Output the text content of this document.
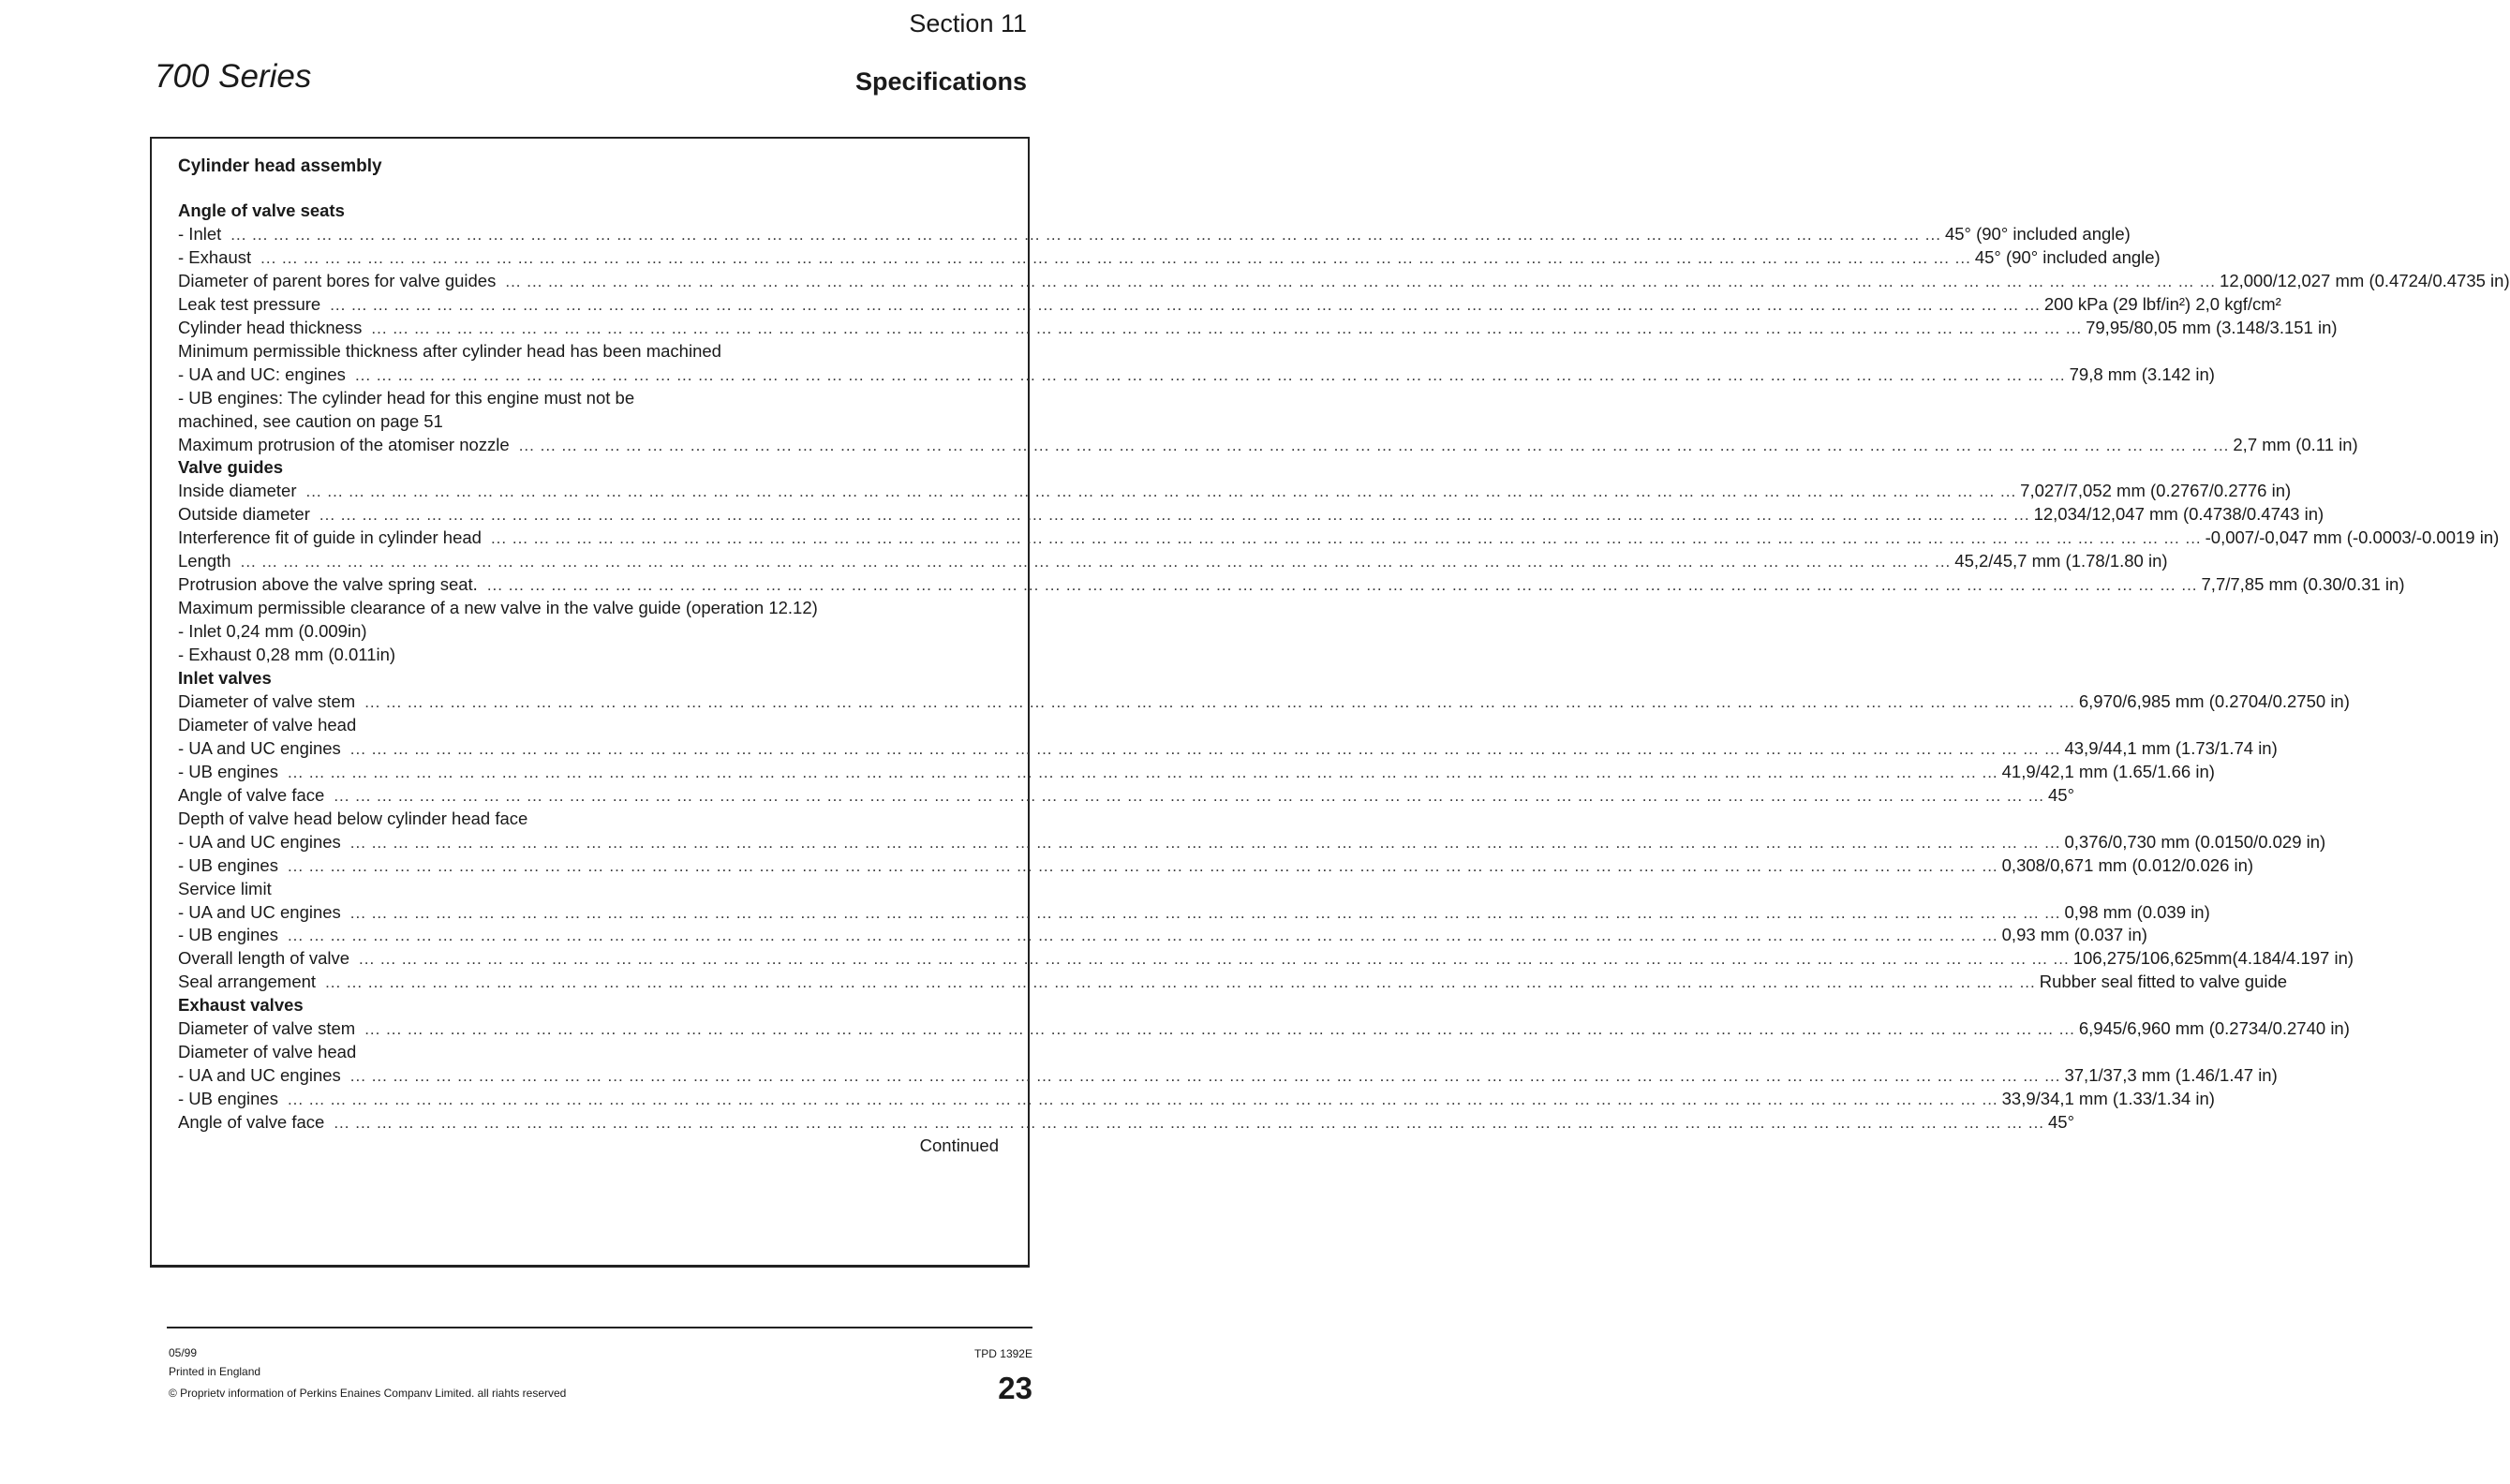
Section 11
700 Series	Specifications
Cylinder head assembly
Angle of valve seats
- Inlet ... ... ... ... ... ... ... ... ... ... ... ... ... ... ... ... ... ... ... ... ... ... ... ... ... ... ... ... ... ... ... ... ... ... ... ... ... ... ... ... ... ... ... ... ... ... ... ... ... ... ... ... ... ... ... ... ... ... ... ... ... ... ... ... ... ... ... ... ... ... ... ... ... ... ... ... ... ... ... ... 45° (90° included angle)
- Exhaust ... ... ... ... ... ... ... ... ... ... ... ... ... ... ... ... ... ... ... ... ... ... ... ... ... ... ... ... ... ... ... ... ... ... ... ... ... ... ... ... ... ... ... ... ... ... ... ... ... ... ... ... ... ... ... ... ... ... ... ... ... ... ... ... ... ... ... ... ... ... ... ... ... ... ... ... ... ... ... ... 45° (90° included angle)
Diameter of parent bores for valve guides ... ... ... ... ... ... ... ... ... ... ... ... ... ... ... ... ... ... ... ... ... ... ... ... ... ... ... ... ... ... ... ... ... ... ... ... ... ... ... ... ... ... ... ... ... ... ... ... ... ... ... ... ... ... ... ... ... ... ... ... ... ... ... ... ... ... ... ... ... ... ... ... ... ... ... ... ... ... ... ... 12,000/12,027 mm (0.4724/0.4735 in)
Leak test pressure ... ... ... ... ... ... ... ... ... ... ... ... ... ... ... ... ... ... ... ... ... ... ... ... ... ... ... ... ... ... ... ... ... ... ... ... ... ... ... ... ... ... ... ... ... ... ... ... ... ... ... ... ... ... ... ... ... ... ... ... ... ... ... ... ... ... ... ... ... ... ... ... ... ... ... ... ... ... ... ... 200 kPa (29 lbf/in²) 2,0 kgf/cm²
Cylinder head thickness ... ... ... ... ... ... ... ... ... ... ... ... ... ... ... ... ... ... ... ... ... ... ... ... ... ... ... ... ... ... ... ... ... ... ... ... ... ... ... ... ... ... ... ... ... ... ... ... ... ... ... ... ... ... ... ... ... ... ... ... ... ... ... ... ... ... ... ... ... ... ... ... ... ... ... ... ... ... ... ... 79,95/80,05 mm (3.148/3.151 in)
Minimum permissible thickness after cylinder head has been machined
- UA and UC: engines ... ... ... ... ... ... ... ... ... ... ... ... ... ... ... ... ... ... ... ... ... ... ... ... ... ... ... ... ... ... ... ... ... ... ... ... ... ... ... ... ... ... ... ... ... ... ... ... ... ... ... ... ... ... ... ... ... ... ... ... ... ... ... ... ... ... ... ... ... ... ... ... ... ... ... ... ... ... ... ... 79,8 mm (3.142 in)
- UB engines: The cylinder head for this engine must not be
machined, see caution on page 51
Maximum protrusion of the atomiser nozzle ... ... ... ... ... ... ... ... ... ... ... ... ... ... ... ... ... ... ... ... ... ... ... ... ... ... ... ... ... ... ... ... ... ... ... ... ... ... ... ... ... ... ... ... ... ... ... ... ... ... ... ... ... ... ... ... ... ... ... ... ... ... ... ... ... ... ... ... ... ... ... ... ... ... ... ... ... ... ... ... 2,7 mm (0.11 in)
Valve guides
Inside diameter ... ... ... ... ... ... ... ... ... ... ... ... ... ... ... ... ... ... ... ... ... ... ... ... ... ... ... ... ... ... ... ... ... ... ... ... ... ... ... ... ... ... ... ... ... ... ... ... ... ... ... ... ... ... ... ... ... ... ... ... ... ... ... ... ... ... ... ... ... ... ... ... ... ... ... ... ... ... ... ... 7,027/7,052 mm (0.2767/0.2776 in)
Outside diameter ... ... ... ... ... ... ... ... ... ... ... ... ... ... ... ... ... ... ... ... ... ... ... ... ... ... ... ... ... ... ... ... ... ... ... ... ... ... ... ... ... ... ... ... ... ... ... ... ... ... ... ... ... ... ... ... ... ... ... ... ... ... ... ... ... ... ... ... ... ... ... ... ... ... ... ... ... ... ... ... 12,034/12,047 mm (0.4738/0.4743 in)
Interference fit of guide in cylinder head ... ... ... ... ... ... ... ... ... ... ... ... ... ... ... ... ... ... ... ... ... ... ... ... ... ... ... ... ... ... ... ... ... ... ... ... ... ... ... ... ... ... ... ... ... ... ... ... ... ... ... ... ... ... ... ... ... ... ... ... ... ... ... ... ... ... ... ... ... ... ... ... ... ... ... ... ... ... ... ... -0,007/-0,047 mm (-0.0003/-0.0019 in)
Length ... ... ... ... ... ... ... ... ... ... ... ... ... ... ... ... ... ... ... ... ... ... ... ... ... ... ... ... ... ... ... ... ... ... ... ... ... ... ... ... ... ... ... ... ... ... ... ... ... ... ... ... ... ... ... ... ... ... ... ... ... ... ... ... ... ... ... ... ... ... ... ... ... ... ... ... ... ... ... ... 45,2/45,7 mm (1.78/1.80 in)
Protrusion above the valve spring seat. ... ... ... ... ... ... ... ... ... ... ... ... ... ... ... ... ... ... ... ... ... ... ... ... ... ... ... ... ... ... ... ... ... ... ... ... ... ... ... ... ... ... ... ... ... ... ... ... ... ... ... ... ... ... ... ... ... ... ... ... ... ... ... ... ... ... ... ... ... ... ... ... ... ... ... ... ... ... ... ... 7,7/7,85 mm (0.30/0.31 in)
Maximum permissible clearance of a new valve in the valve guide (operation 12.12)
- Inlet 0,24 mm (0.009in)
- Exhaust 0,28 mm (0.011in)
Inlet valves
Diameter of valve stem ... ... ... ... ... ... ... ... ... ... ... ... ... ... ... ... ... ... ... ... ... ... ... ... ... ... ... ... ... ... ... ... ... ... ... ... ... ... ... ... ... ... ... ... ... ... ... ... ... ... ... ... ... ... ... ... ... ... ... ... ... ... ... ... ... ... ... ... ... ... ... ... ... ... ... ... ... ... ... ... 6,970/6,985 mm (0.2704/0.2750 in)
Diameter of valve head
- UA and UC engines ... ... ... ... ... ... ... ... ... ... ... ... ... ... ... ... ... ... ... ... ... ... ... ... ... ... ... ... ... ... ... ... ... ... ... ... ... ... ... ... ... ... ... ... ... ... ... ... ... ... ... ... ... ... ... ... ... ... ... ... ... ... ... ... ... ... ... ... ... ... ... ... ... ... ... ... ... ... ... ... 43,9/44,1 mm (1.73/1.74 in)
- UB engines ... ... ... ... ... ... ... ... ... ... ... ... ... ... ... ... ... ... ... ... ... ... ... ... ... ... ... ... ... ... ... ... ... ... ... ... ... ... ... ... ... ... ... ... ... ... ... ... ... ... ... ... ... ... ... ... ... ... ... ... ... ... ... ... ... ... ... ... ... ... ... ... ... ... ... ... ... ... ... ... 41,9/42,1 mm (1.65/1.66 in)
Angle of valve face ... ... ... ... ... ... ... ... ... ... ... ... ... ... ... ... ... ... ... ... ... ... ... ... ... ... ... ... ... ... ... ... ... ... ... ... ... ... ... ... ... ... ... ... ... ... ... ... ... ... ... ... ... ... ... ... ... ... ... ... ... ... ... ... ... ... ... ... ... ... ... ... ... ... ... ... ... ... ... ... 45°
Depth of valve head below cylinder head face
- UA and UC engines ... ... ... ... ... ... ... ... ... ... ... ... ... ... ... ... ... ... ... ... ... ... ... ... ... ... ... ... ... ... ... ... ... ... ... ... ... ... ... ... ... ... ... ... ... ... ... ... ... ... ... ... ... ... ... ... ... ... ... ... ... ... ... ... ... ... ... ... ... ... ... ... ... ... ... ... ... ... ... ... 0,376/0,730 mm (0.0150/0.029 in)
- UB engines ... ... ... ... ... ... ... ... ... ... ... ... ... ... ... ... ... ... ... ... ... ... ... ... ... ... ... ... ... ... ... ... ... ... ... ... ... ... ... ... ... ... ... ... ... ... ... ... ... ... ... ... ... ... ... ... ... ... ... ... ... ... ... ... ... ... ... ... ... ... ... ... ... ... ... ... ... ... ... ... 0,308/0,671 mm (0.012/0.026 in)
Service limit
- UA and UC engines ... ... ... ... ... ... ... ... ... ... ... ... ... ... ... ... ... ... ... ... ... ... ... ... ... ... ... ... ... ... ... ... ... ... ... ... ... ... ... ... ... ... ... ... ... ... ... ... ... ... ... ... ... ... ... ... ... ... ... ... ... ... ... ... ... ... ... ... ... ... ... ... ... ... ... ... ... ... ... ... 0,98 mm (0.039 in)
- UB engines ... ... ... ... ... ... ... ... ... ... ... ... ... ... ... ... ... ... ... ... ... ... ... ... ... ... ... ... ... ... ... ... ... ... ... ... ... ... ... ... ... ... ... ... ... ... ... ... ... ... ... ... ... ... ... ... ... ... ... ... ... ... ... ... ... ... ... ... ... ... ... ... ... ... ... ... ... ... ... ... 0,93 mm (0.037 in)
Overall length of valve ... ... ... ... ... ... ... ... ... ... ... ... ... ... ... ... ... ... ... ... ... ... ... ... ... ... ... ... ... ... ... ... ... ... ... ... ... ... ... ... ... ... ... ... ... ... ... ... ... ... ... ... ... ... ... ... ... ... ... ... ... ... ... ... ... ... ... ... ... ... ... ... ... ... ... ... ... ... ... ... 106,275/106,625mm(4.184/4.197 in)
Seal arrangement ... ... ... ... ... ... ... ... ... ... ... ... ... ... ... ... ... ... ... ... ... ... ... ... ... ... ... ... ... ... ... ... ... ... ... ... ... ... ... ... ... ... ... ... ... ... ... ... ... ... ... ... ... ... ... ... ... ... ... ... ... ... ... ... ... ... ... ... ... ... ... ... ... ... ... ... ... ... ... ... Rubber seal fitted to valve guide
Exhaust valves
Diameter of valve stem ... ... ... ... ... ... ... ... ... ... ... ... ... ... ... ... ... ... ... ... ... ... ... ... ... ... ... ... ... ... ... ... ... ... ... ... ... ... ... ... ... ... ... ... ... ... ... ... ... ... ... ... ... ... ... ... ... ... ... ... ... ... ... ... ... ... ... ... ... ... ... ... ... ... ... ... ... ... ... ... 6,945/6,960 mm (0.2734/0.2740 in)
Diameter of valve head
- UA and UC engines ... ... ... ... ... ... ... ... ... ... ... ... ... ... ... ... ... ... ... ... ... ... ... ... ... ... ... ... ... ... ... ... ... ... ... ... ... ... ... ... ... ... ... ... ... ... ... ... ... ... ... ... ... ... ... ... ... ... ... ... ... ... ... ... ... ... ... ... ... ... ... ... ... ... ... ... ... ... ... ... 37,1/37,3 mm (1.46/1.47 in)
- UB engines ... ... ... ... ... ... ... ... ... ... ... ... ... ... ... ... ... ... ... ... ... ... ... ... ... ... ... ... ... ... ... ... ... ... ... ... ... ... ... ... ... ... ... ... ... ... ... ... ... ... ... ... ... ... ... ... ... ... ... ... ... ... ... ... ... ... ... ... ... ... ... ... ... ... ... ... ... ... ... ... 33,9/34,1 mm (1.33/1.34 in)
Angle of valve face ... ... ... ... ... ... ... ... ... ... ... ... ... ... ... ... ... ... ... ... ... ... ... ... ... ... ... ... ... ... ... ... ... ... ... ... ... ... ... ... ... ... ... ... ... ... ... ... ... ... ... ... ... ... ... ... ... ... ... ... ... ... ... ... ... ... ... ... ... ... ... ... ... ... ... ... ... ... ... ... 45°
Continued
05/99
Printed in England
© Proprietv information of Perkins Enaines Companv Limited. all riahts reserved
TPD 1392E
23
